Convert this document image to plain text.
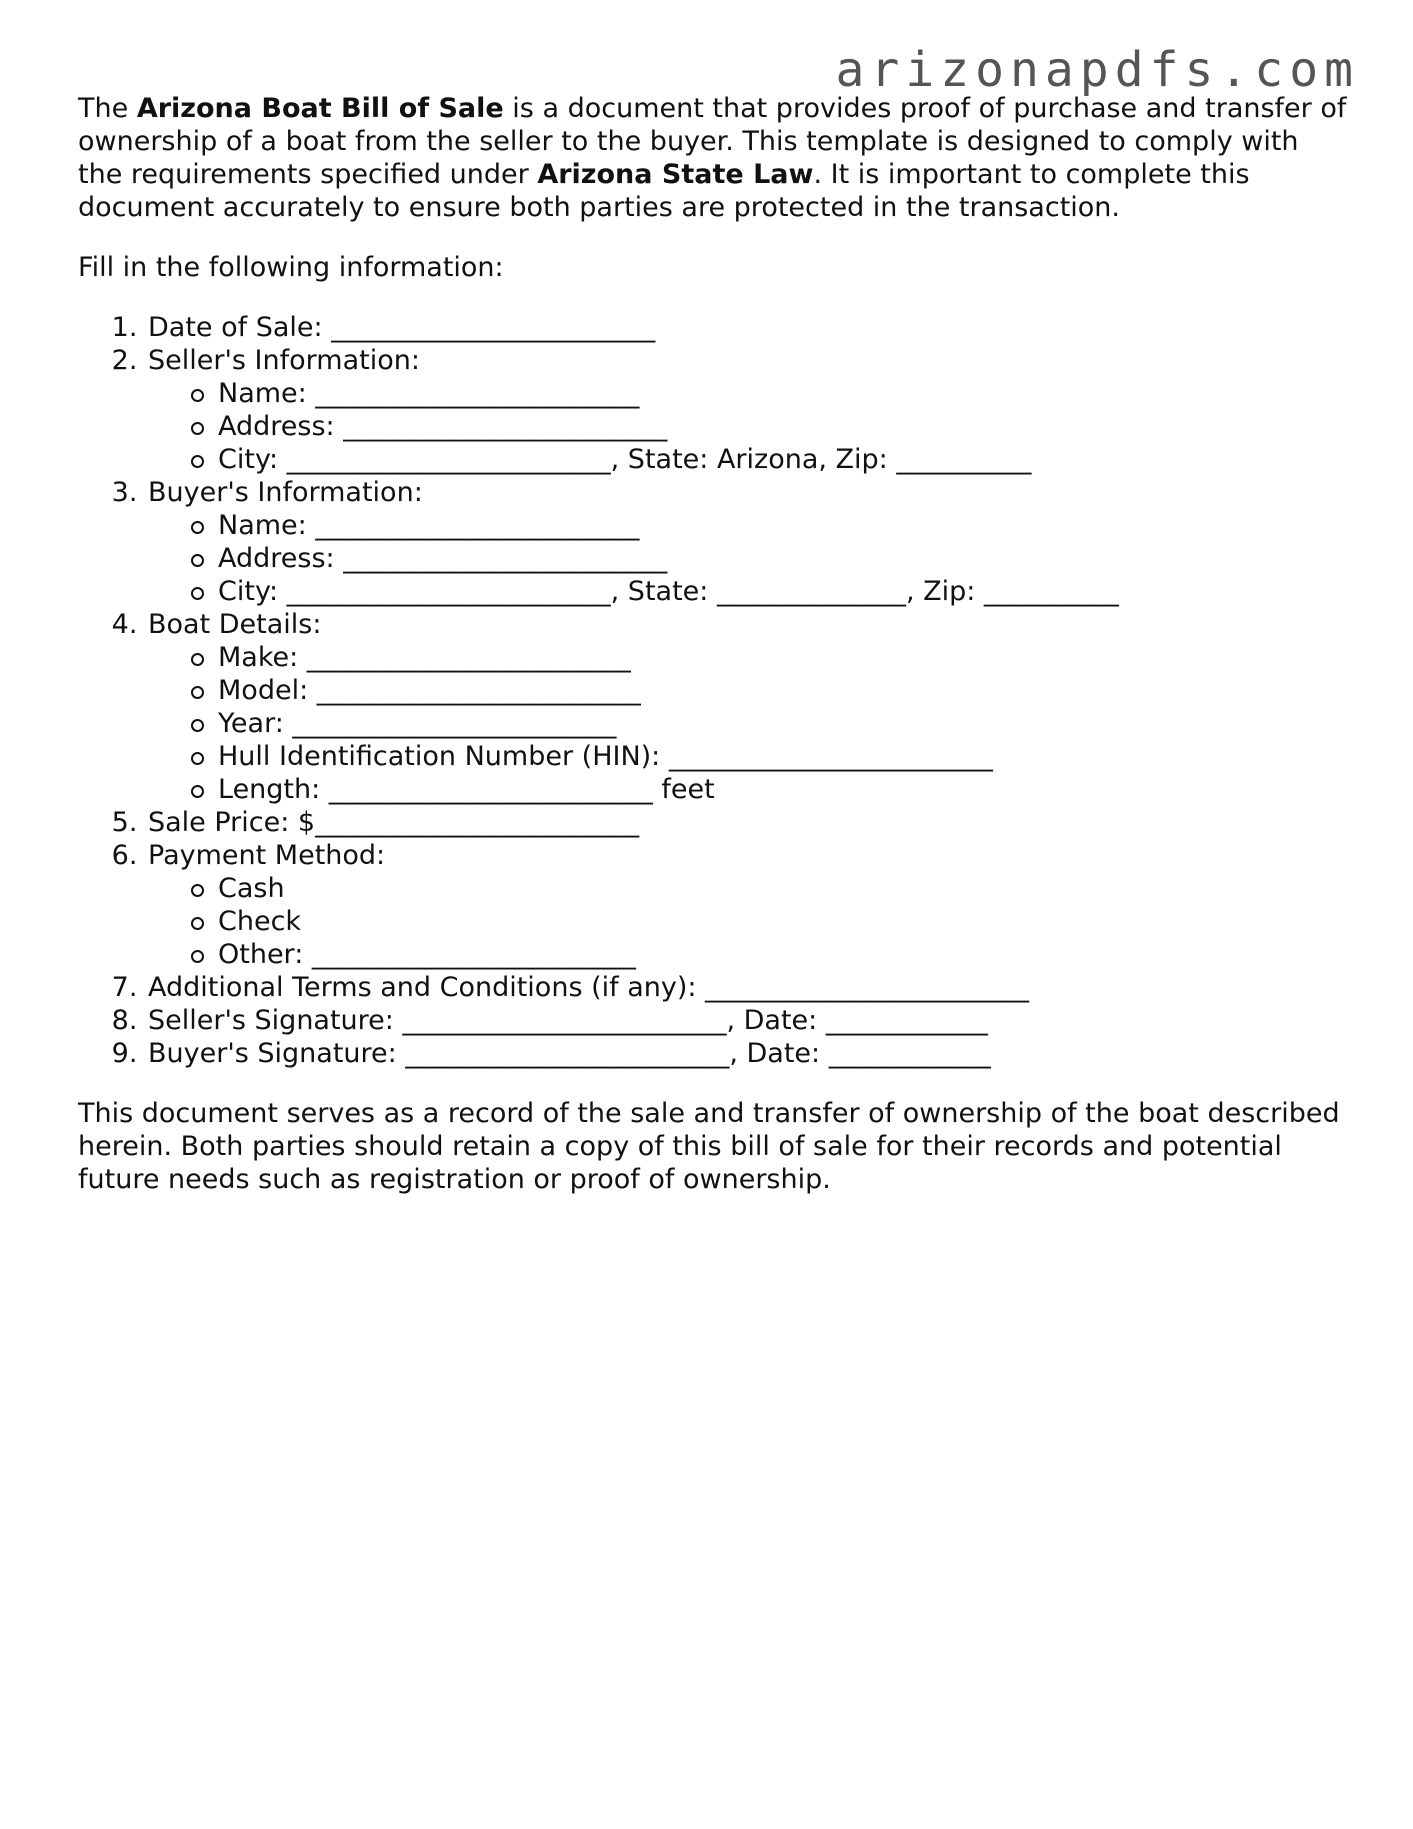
arizonapdfs.com

The Arizona Boat Bill of Sale is a document that provides proof of purchase and transfer of ownership of a boat from the seller to the buyer. This template is designed to comply with the requirements specified under Arizona State Law. It is important to complete this document accurately to ensure both parties are protected in the transaction.

Fill in the following information:

1. Date of Sale: ________________________
2. Seller's Information:
Name: ________________________
Address: ________________________
City: ________________________, State: Arizona, Zip: __________
3. Buyer's Information:
Name: ________________________
Address: ________________________
City: ________________________, State: ______________, Zip: __________
4. Boat Details:
Make: ________________________
Model: ________________________
Year: ________________________
Hull Identification Number (HIN): ________________________
Length: ________________________ feet
5. Sale Price: $________________________
6. Payment Method:
Cash
Check
Other: ________________________
7. Additional Terms and Conditions (if any): ________________________
8. Seller's Signature: ________________________, Date: ____________
9. Buyer's Signature: ________________________, Date: ____________

This document serves as a record of the sale and transfer of ownership of the boat described herein. Both parties should retain a copy of this bill of sale for their records and potential future needs such as registration or proof of ownership.
